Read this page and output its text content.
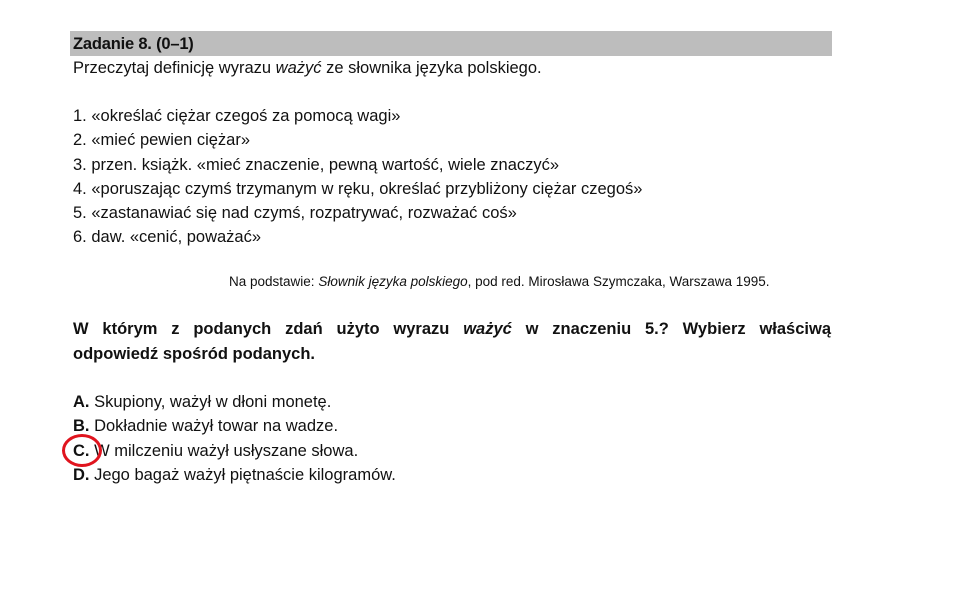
Zadanie 8. (0–1)
Przeczytaj definicję wyrazu ważyć ze słownika języka polskiego.
1. «określać ciężar czegoś za pomocą wagi»
2. «mieć pewien ciężar»
3. przen. książk. «mieć znaczenie, pewną wartość, wiele znaczyć»
4. «poruszając czymś trzymanym w ręku, określać przybliżony ciężar czegoś»
5. «zastanawiać się nad czymś, rozpatrywać, rozważać coś»
6. daw. «cenić, poważać»
Na podstawie: Słownik języka polskiego, pod red. Mirosława Szymczaka, Warszawa 1995.
W którym z podanych zdań użyto wyrazu ważyć w znaczeniu 5.? Wybierz właściwą
odpowiedź spośród podanych.
A. Skupiony, ważył w dłoni monetę.
B. Dokładnie ważył towar na wadze.
C. W milczeniu ważył usłyszane słowa.
D. Jego bagaż ważył piętnaście kilogramów.
